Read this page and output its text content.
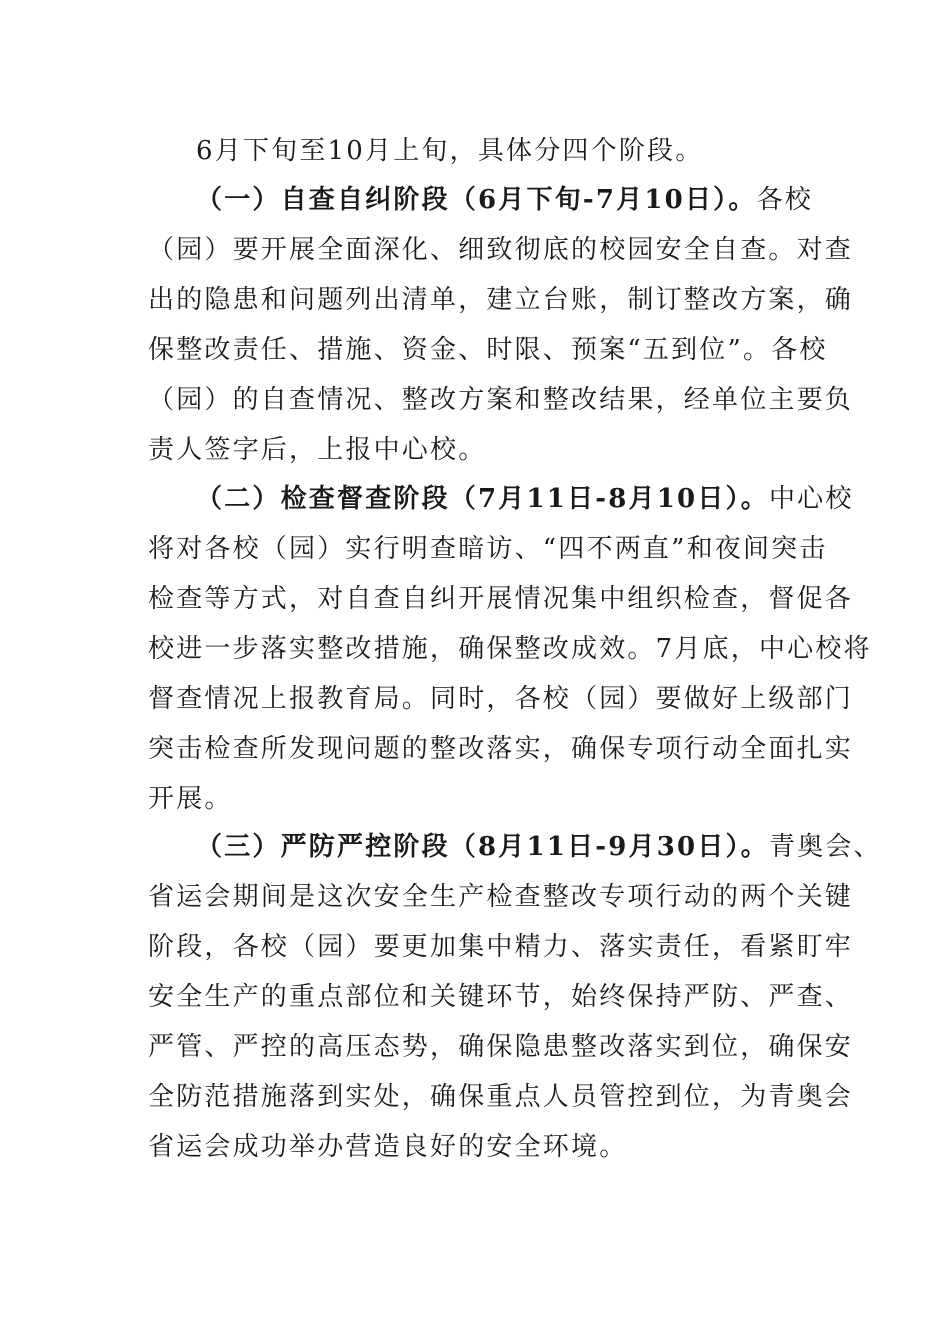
6月下旬至10月上旬，具体分四个阶段。
（一）自查自纠阶段（6月下旬-7月10日）。各校
（园）要开展全面深化、细致彻底的校园安全自查。对查
出的隐患和问题列出清单，建立台账，制订整改方案，确
保整改责任、措施、资金、时限、预案“五到位”。各校
（园）的自查情况、整改方案和整改结果，经单位主要负
责人签字后，上报中心校。
（二）检查督查阶段（7月11日-8月10日）。中心校
将对各校（园）实行明查暗访、“四不两直”和夜间突击
检查等方式，对自查自纠开展情况集中组织检查，督促各
校进一步落实整改措施，确保整改成效。7月底，中心校将
督查情况上报教育局。同时，各校（园）要做好上级部门
突击检查所发现问题的整改落实，确保专项行动全面扎实
开展。
（三）严防严控阶段（8月11日-9月30日）。青奥会、
省运会期间是这次安全生产检查整改专项行动的两个关键
阶段，各校（园）要更加集中精力、落实责任，看紧盯牢
安全生产的重点部位和关键环节，始终保持严防、严查、
严管、严控的高压态势，确保隐患整改落实到位，确保安
全防范措施落到实处，确保重点人员管控到位，为青奥会
省运会成功举办营造良好的安全环境。
